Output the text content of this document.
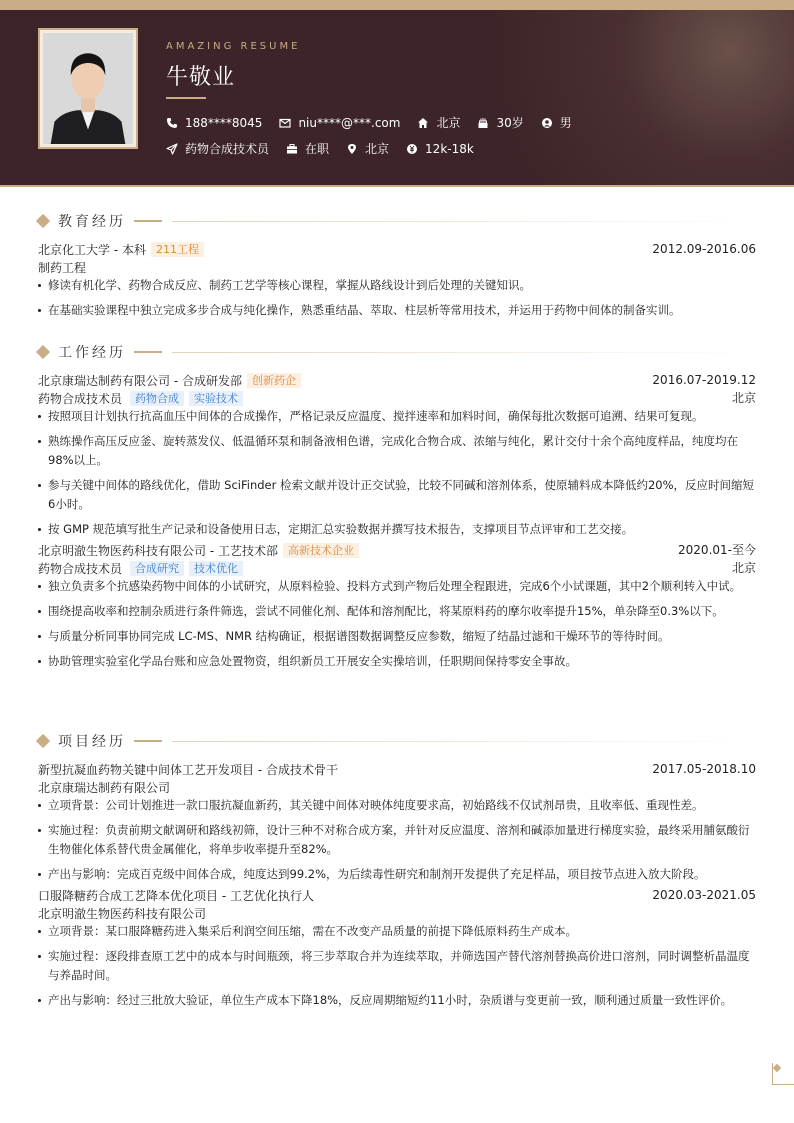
AMAZING RESUME
牛敬业
188****8045	niu****@***.com	北京	30岁	男
药物合成技术员	在职	北京	12k-18k
教育经历
北京化工大学 - 本科 211工程	2012.09-2016.06
制药工程
修读有机化学、药物合成反应、制药工艺学等核心课程，掌握从路线设计到后处理的关键知识。
在基础实验课程中独立完成多步合成与纯化操作，熟悉重结晶、萃取、柱层析等常用技术，并运用于药物中间体的制备实训。
工作经历
北京康瑞达制药有限公司 - 合成研发部 创新药企	2016.07-2019.12
药物合成技术员	药物合成	实验技术	北京
按照项目计划执行抗高血压中间体的合成操作，严格记录反应温度、搅拌速率和加料时间，确保每批次数据可追溯、结果可复现。
熟练操作高压反应釜、旋转蒸发仪、低温循环泵和制备液相色谱，完成化合物合成、浓缩与纯化，累计交付十余个高纯度样品，纯度均在98%以上。
参与关键中间体的路线优化，借助 SciFinder 检索文献并设计正交试验，比较不同碱和溶剂体系，使原辅料成本降低约20%，反应时间缩短6小时。
按 GMP 规范填写批生产记录和设备使用日志，定期汇总实验数据并撰写技术报告，支撑项目节点评审和工艺交接。
北京明澈生物医药科技有限公司 - 工艺技术部 高新技术企业	2020.01-至今
药物合成技术员	合成研究	技术优化	北京
独立负责多个抗感染药物中间体的小试研究，从原料检验、投料方式到产物后处理全程跟进，完成6个小试课题，其中2个顺利转入中试。
围绕提高收率和控制杂质进行条件筛选，尝试不同催化剂、配体和溶剂配比，将某原料药的摩尔收率提升15%，单杂降至0.3%以下。
与质量分析同事协同完成 LC-MS、NMR 结构确证，根据谱图数据调整反应参数，缩短了结晶过滤和干燥环节的等待时间。
协助管理实验室化学品台账和应急处置物资，组织新员工开展安全实操培训，任职期间保持零安全事故。
项目经历
新型抗凝血药物关键中间体工艺开发项目 - 合成技术骨干	2017.05-2018.10
北京康瑞达制药有限公司
立项背景：公司计划推进一款口服抗凝血新药，其关键中间体对映体纯度要求高，初始路线不仅试剂昂贵，且收率低、重现性差。
实施过程：负责前期文献调研和路线初筛，设计三种不对称合成方案，并针对反应温度、溶剂和碱添加量进行梯度实验，最终采用脯氨酸衍生物催化体系替代贵金属催化，将单步收率提升至82%。
产出与影响：完成百克级中间体合成，纯度达到99.2%，为后续毒性研究和制剂开发提供了充足样品，项目按节点进入放大阶段。
口服降糖药合成工艺降本优化项目 - 工艺优化执行人	2020.03-2021.05
北京明澈生物医药科技有限公司
立项背景：某口服降糖药进入集采后利润空间压缩，需在不改变产品质量的前提下降低原料药生产成本。
实施过程：逐段排查原工艺中的成本与时间瓶颈，将三步萃取合并为连续萃取，并筛选国产替代溶剂替换高价进口溶剂，同时调整析晶温度与养晶时间。
产出与影响：经过三批放大验证，单位生产成本下降18%，反应周期缩短约11小时，杂质谱与变更前一致，顺利通过质量一致性评价。
